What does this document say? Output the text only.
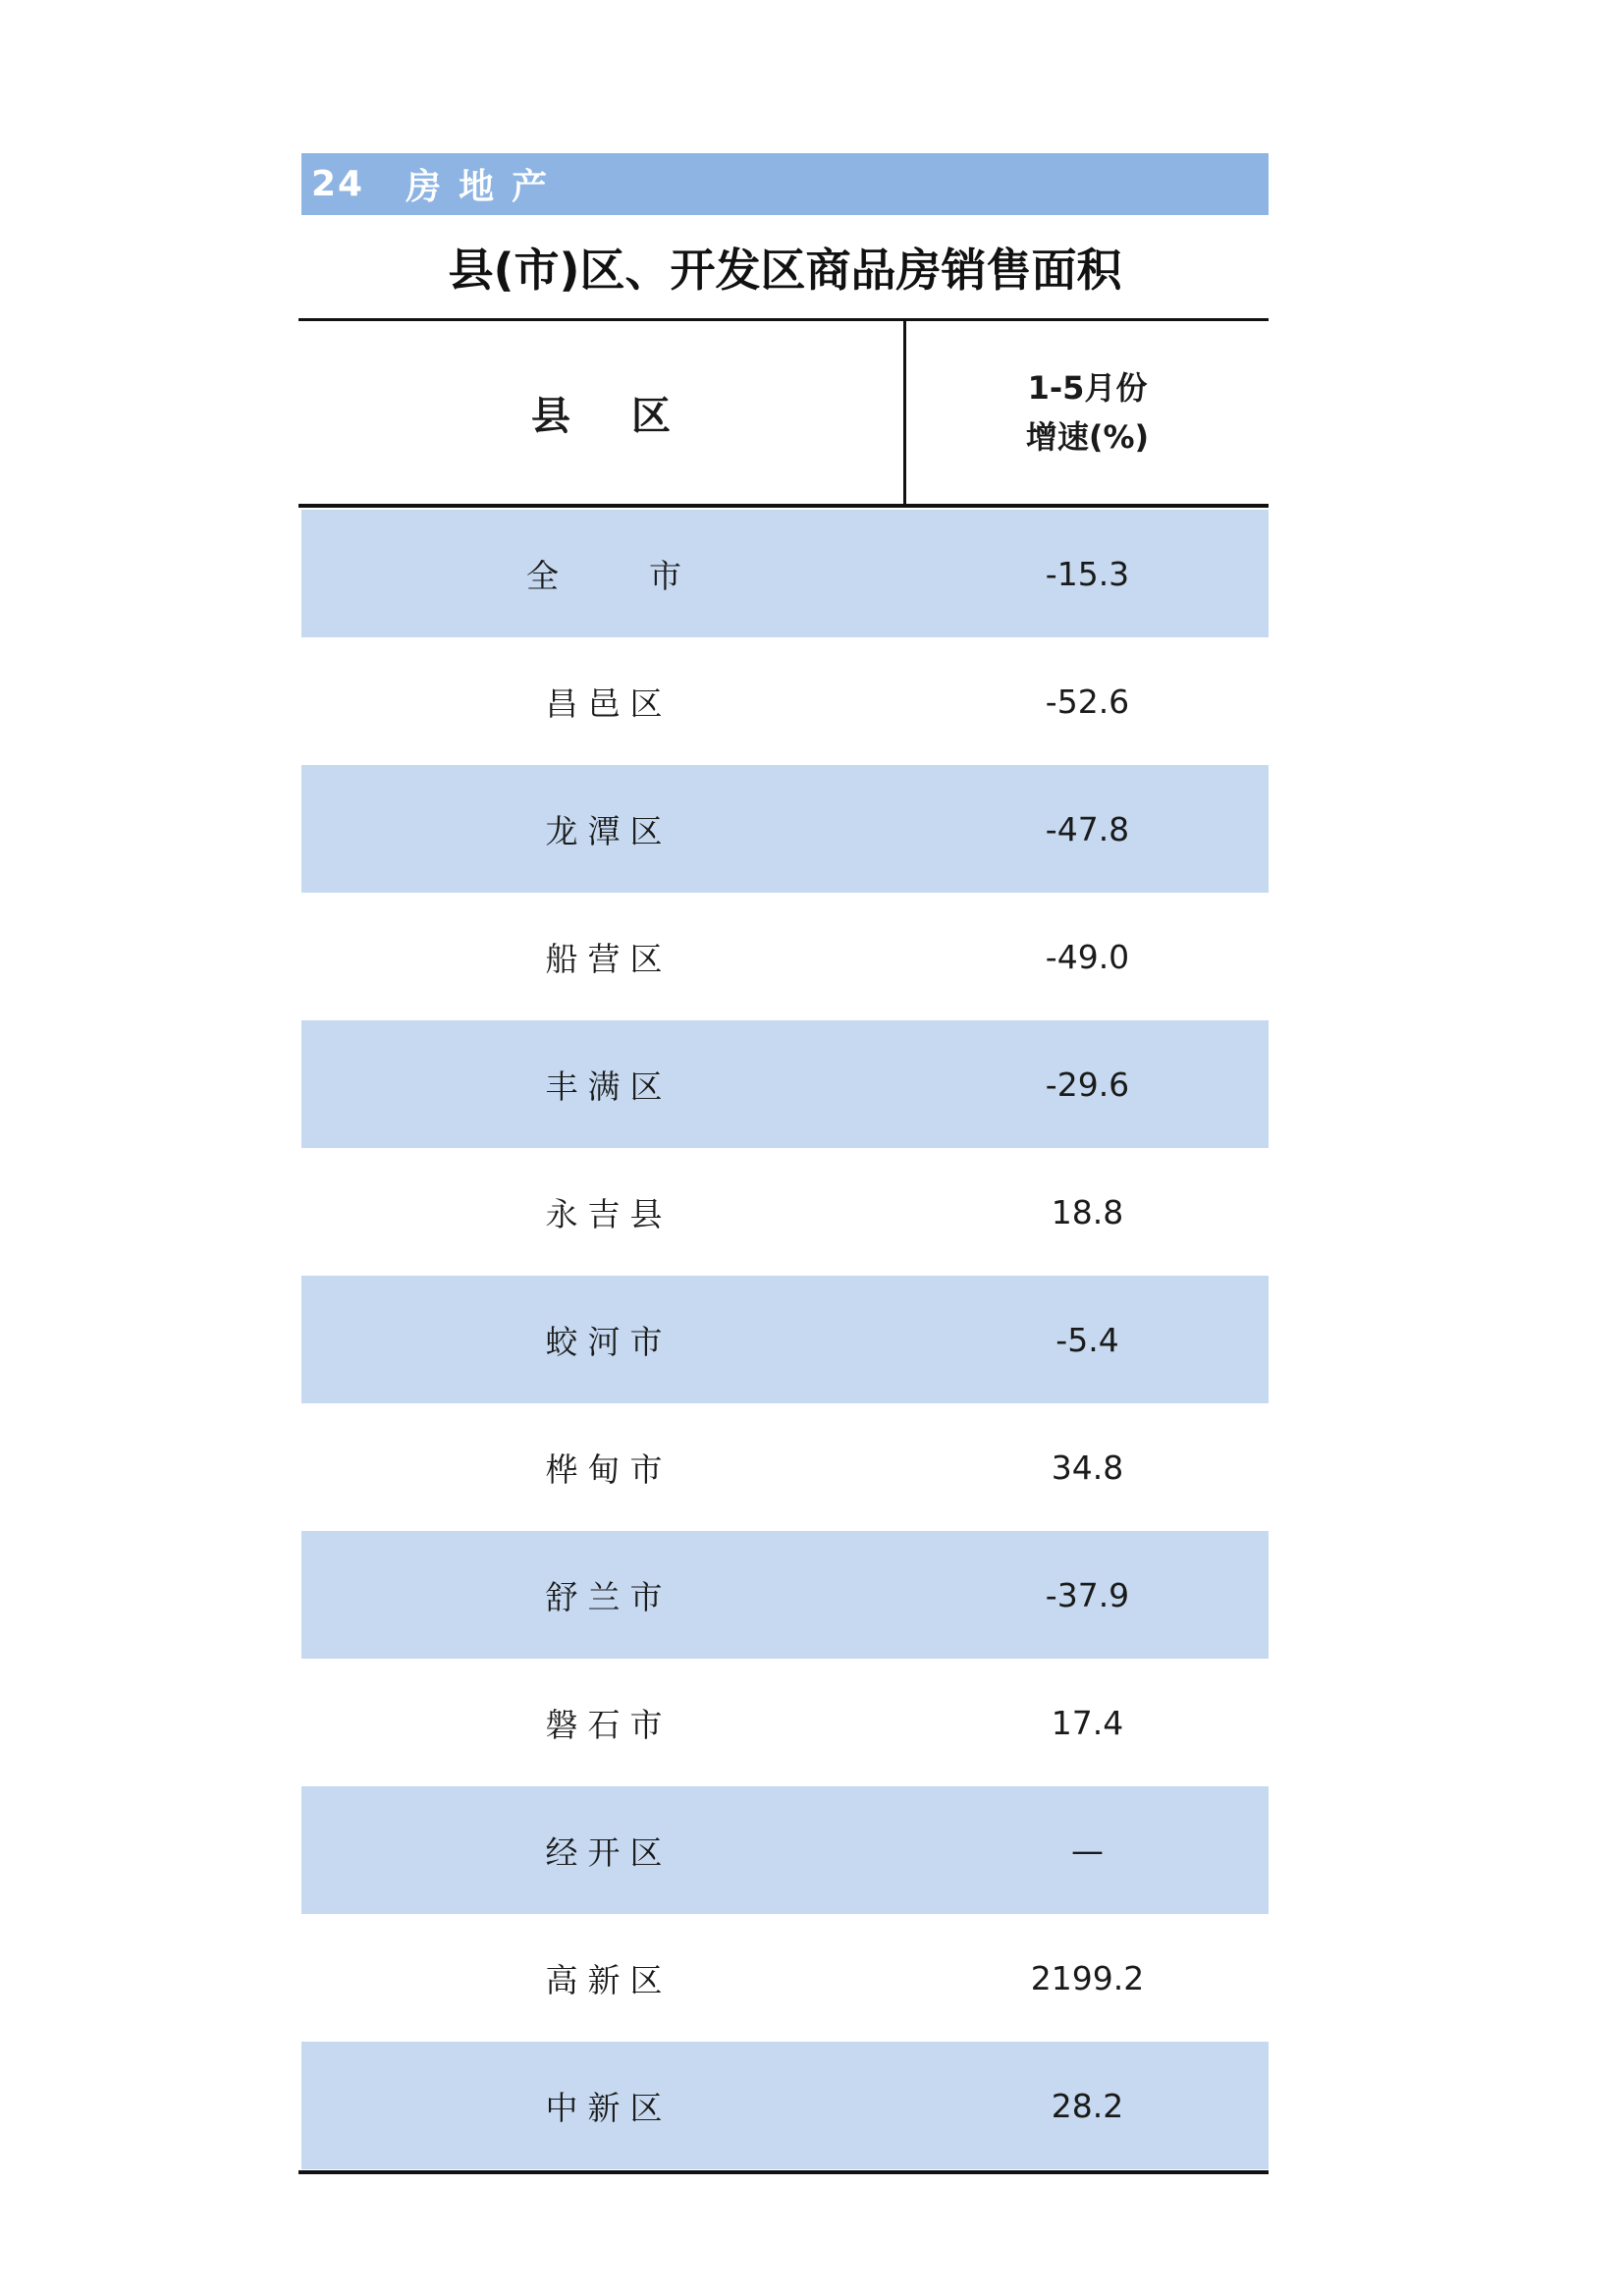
24 房地产
县(市)区、开发区商品房销售面积
县 区
1-5月份
增速(%)
全    市	-15.3
昌邑区	-52.6
龙潭区	-47.8
船营区	-49.0
丰满区	-29.6
永吉县	18.8
蛟河市	-5.4
桦甸市	34.8
舒兰市	-37.9
磐石市	17.4
经开区	—
高新区	2199.2
中新区	28.2
